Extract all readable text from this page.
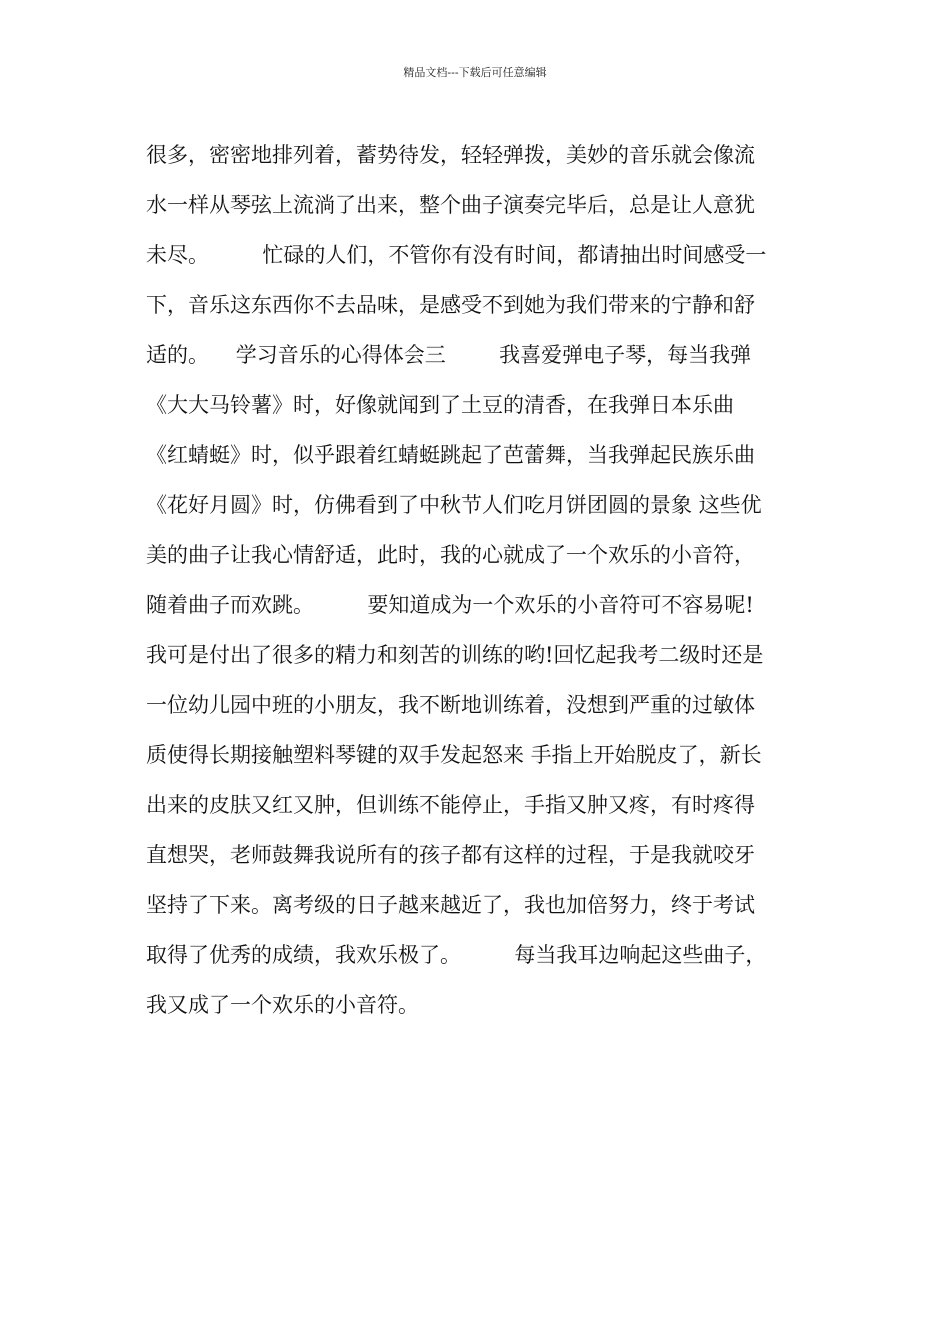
精品文档---下载后可任意编辑
很多，密密地排列着，蓄势待发，轻轻弹拨，美妙的音乐就会像流
水一样从琴弦上流淌了出来，整个曲子演奏完毕后，总是让人意犹
未尽。        忙碌的人们，不管你有没有时间，都请抽出时间感受一
下，音乐这东西你不去品味，是感受不到她为我们带来的宁静和舒
适的。    学习音乐的心得体会三        我喜爱弹电子琴，每当我弹
《大大马铃薯》时，好像就闻到了土豆的清香，在我弹日本乐曲
《红蜻蜓》时，似乎跟着红蜻蜓跳起了芭蕾舞，当我弹起民族乐曲
《花好月圆》时，仿佛看到了中秋节人们吃月饼团圆的景象 这些优
美的曲子让我心情舒适，此时，我的心就成了一个欢乐的小音符，
随着曲子而欢跳。        要知道成为一个欢乐的小音符可不容易呢!
我可是付出了很多的精力和刻苦的训练的哟!回忆起我考二级时还是
一位幼儿园中班的小朋友，我不断地训练着，没想到严重的过敏体
质使得长期接触塑料琴键的双手发起怒来 手指上开始脱皮了，新长
出来的皮肤又红又肿，但训练不能停止，手指又肿又疼，有时疼得
直想哭，老师鼓舞我说所有的孩子都有这样的过程，于是我就咬牙
坚持了下来。离考级的日子越来越近了，我也加倍努力，终于考试
取得了优秀的成绩，我欢乐极了。        每当我耳边响起这些曲子，
我又成了一个欢乐的小音符。
